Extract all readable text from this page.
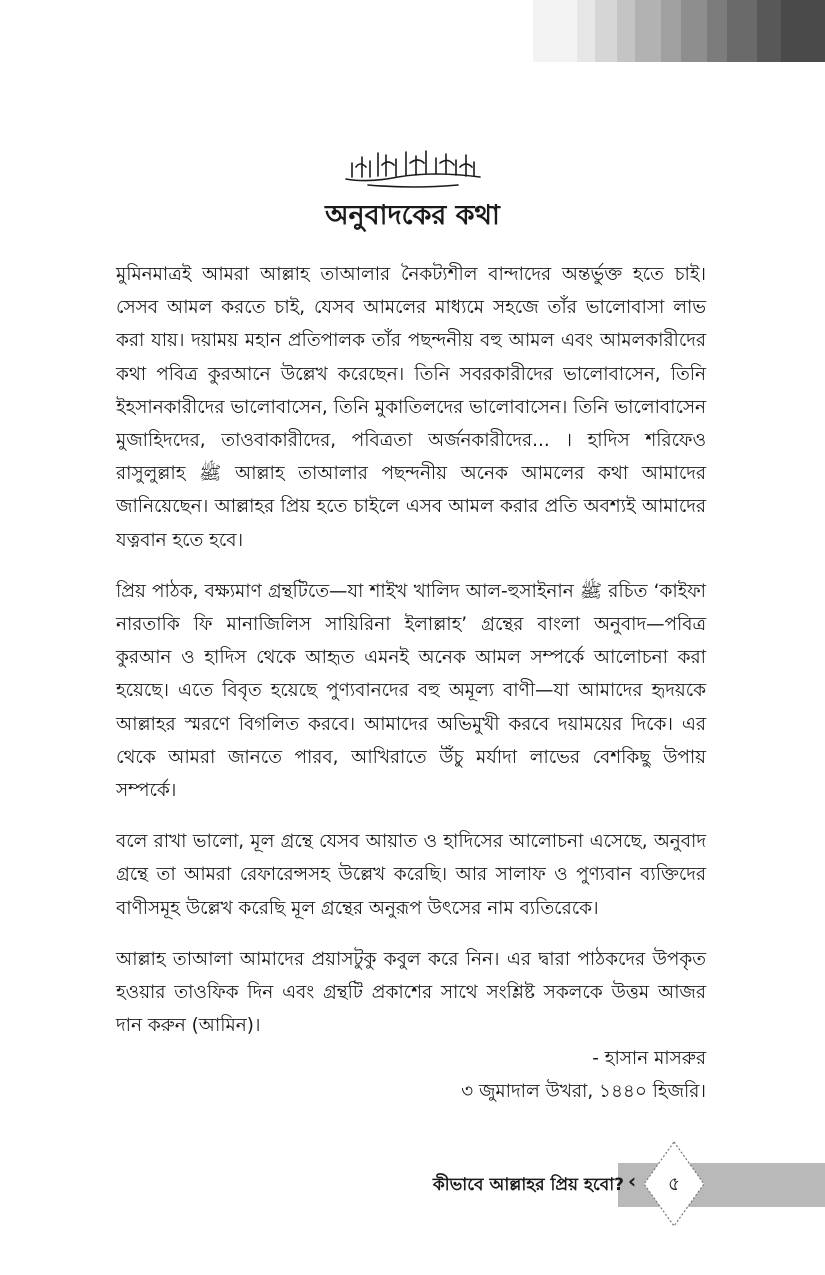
অনুবাদকের কথা

মুমিনমাত্রই আমরা আল্লাহ তাআলার নৈকট্যশীল বান্দাদের অন্তর্ভুক্ত হতে চাই। সেসব আমল করতে চাই, যেসব আমলের মাধ্যমে সহজে তাঁর ভালোবাসা লাভ করা যায়। দয়াময় মহান প্রতিপালক তাঁর পছন্দনীয় বহু আমল এবং আমলকারীদের কথা পবিত্র কুরআনে উল্লেখ করেছেন। তিনি সবরকারীদের ভালোবাসেন, তিনি ইহসানকারীদের ভালোবাসেন, তিনি মুকাতিলদের ভালোবাসেন। তিনি ভালোবাসেন মুজাহিদদের, তাওবাকারীদের, পবিত্রতা অর্জনকারীদের... । হাদিস শরিফেও রাসুলুল্লাহ ﷺ আল্লাহ তাআলার পছন্দনীয় অনেক আমলের কথা আমাদের জানিয়েছেন। আল্লাহর প্রিয় হতে চাইলে এসব আমল করার প্রতি অবশ্যই আমাদের যত্নবান হতে হবে।

প্রিয় পাঠক, বক্ষ্যমাণ গ্রন্থটিতে—যা শাইখ খালিদ আল-হুসাইনান ﷺ রচিত ‘কাইফা নারতাকি ফি মানাজিলিস সায়িরিনা ইলাল্লাহ’ গ্রন্থের বাংলা অনুবাদ—পবিত্র কুরআন ও হাদিস থেকে আহৃত এমনই অনেক আমল সম্পর্কে আলোচনা করা হয়েছে। এতে বিবৃত হয়েছে পুণ্যবানদের বহু অমূল্য বাণী—যা আমাদের হৃদয়কে আল্লাহর স্মরণে বিগলিত করবে। আমাদের অভিমুখী করবে দয়াময়ের দিকে। এর থেকে আমরা জানতে পারব, আখিরাতে উঁচু মর্যাদা লাভের বেশকিছু উপায় সম্পর্কে।

বলে রাখা ভালো, মূল গ্রন্থে যেসব আয়াত ও হাদিসের আলোচনা এসেছে, অনুবাদ গ্রন্থে তা আমরা রেফারেন্সসহ উল্লেখ করেছি। আর সালাফ ও পুণ্যবান ব্যক্তিদের বাণীসমূহ উল্লেখ করেছি মূল গ্রন্থের অনুরূপ উৎসের নাম ব্যতিরেকে।

আল্লাহ তাআলা আমাদের প্রয়াসটুকু কবুল করে নিন। এর দ্বারা পাঠকদের উপকৃত হওয়ার তাওফিক দিন এবং গ্রন্থটি প্রকাশের সাথে সংশ্লিষ্ট সকলকে উত্তম আজর দান করুন (আমিন)।

- হাসান মাসরুর

৩ জুমাদাল উখরা, ১৪৪০ হিজরি।

কীভাবে আল্লাহর প্রিয় হবো? ‹	৫
